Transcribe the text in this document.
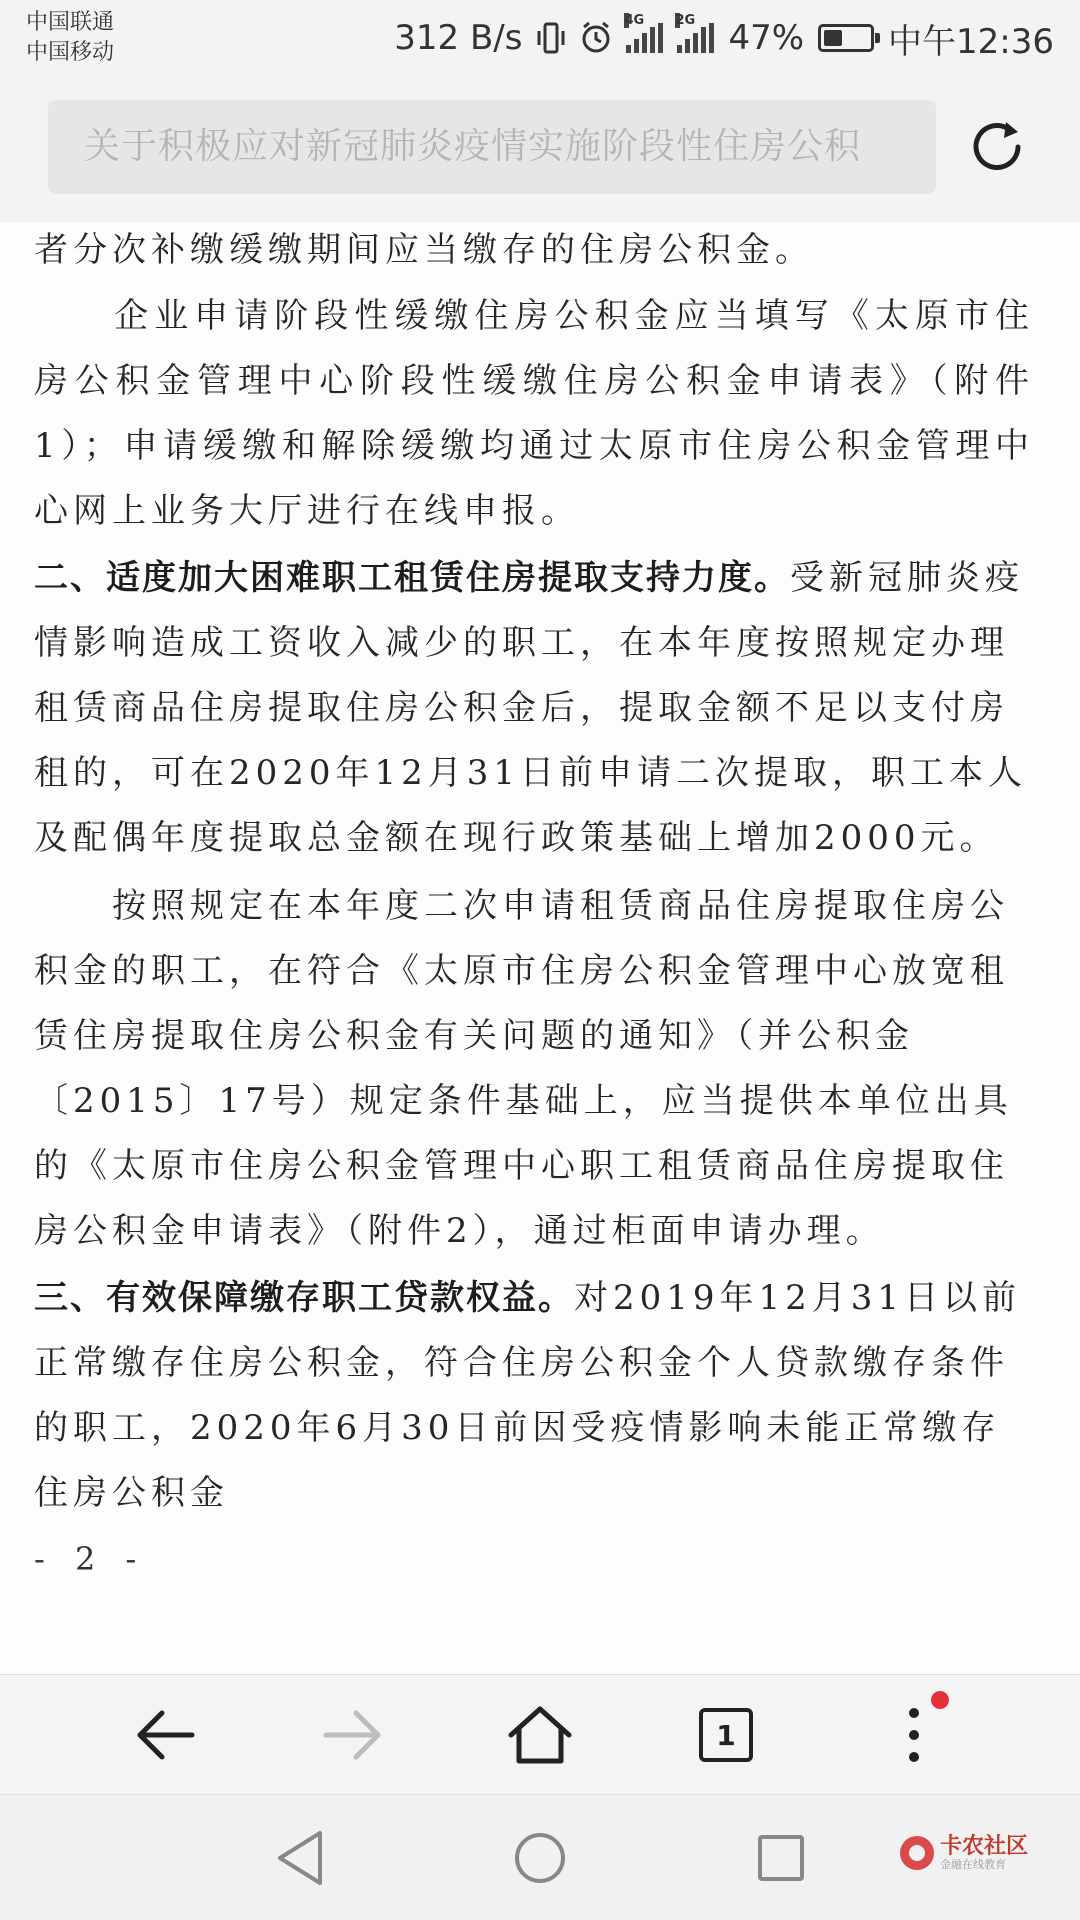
中国联通
中国移动	312 B/s	4G 2G 47% 中午12:36
关于积极应对新冠肺炎疫情实施阶段性住房公积
者分次补缴缓缴期间应当缴存的住房公积金。
　　企业申请阶段性缓缴住房公积金应当填写《太原市住房公积金管理中心阶段性缓缴住房公积金申请表》（附件1）；申请缓缴和解除缓缴均通过太原市住房公积金管理中心网上业务大厅进行在线申报。
二、适度加大困难职工租赁住房提取支持力度。受新冠肺炎疫情影响造成工资收入减少的职工，在本年度按照规定办理租赁商品住房提取住房公积金后，提取金额不足以支付房租的，可在2020年12月31日前申请二次提取，职工本人及配偶年度提取总金额在现行政策基础上增加2000元。
　　按照规定在本年度二次申请租赁商品住房提取住房公积金的职工，在符合《太原市住房公积金管理中心放宽租赁住房提取住房公积金有关问题的通知》（并公积金〔2015〕17号）规定条件基础上，应当提供本单位出具的《太原市住房公积金管理中心职工租赁商品住房提取住房公积金申请表》（附件2），通过柜面申请办理。
三、有效保障缴存职工贷款权益。对2019年12月31日以前正常缴存住房公积金，符合住房公积金个人贷款缴存条件的职工，2020年6月30日前因受疫情影响未能正常缴存住房公积金
- 2 -
1
卡农社区
金融在线教育
